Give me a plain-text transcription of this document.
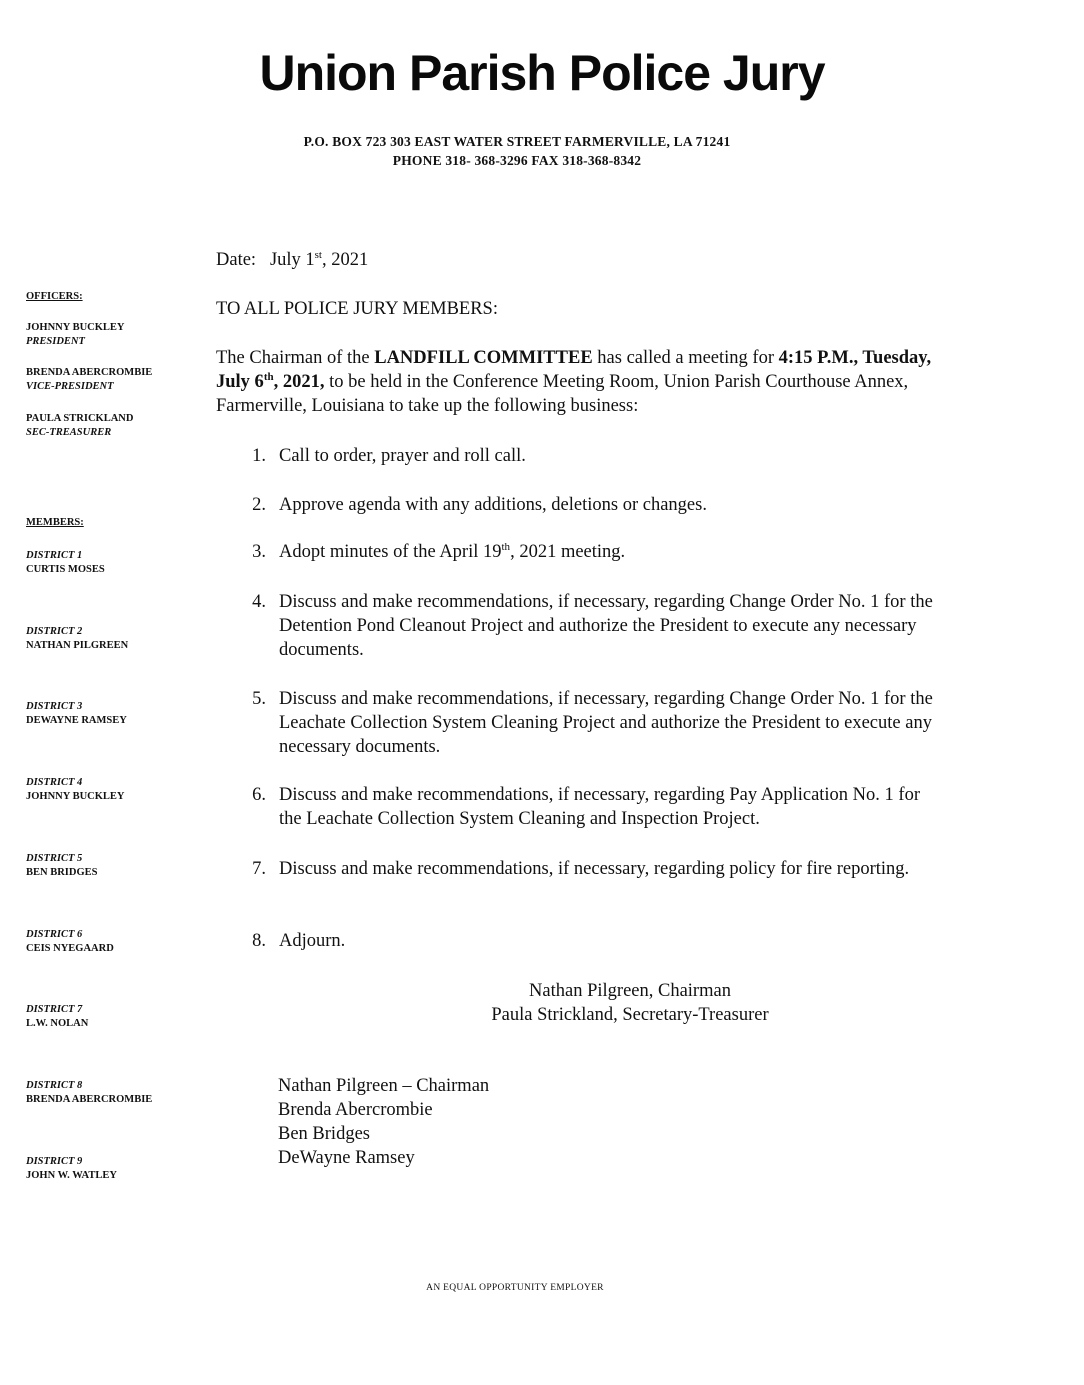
Union Parish Police Jury
P.O. BOX 723 303 EAST WATER STREET FARMERVILLE, LA 71241
PHONE 318- 368-3296 FAX 318-368-8342
OFFICERS:
JOHNNY BUCKLEY
PRESIDENT
BRENDA ABERCROMBIE
VICE-PRESIDENT
PAULA STRICKLAND
SEC-TREASURER
MEMBERS:
DISTRICT 1
CURTIS MOSES
DISTRICT 2
NATHAN PILGREEN
DISTRICT 3
DEWAYNE RAMSEY
DISTRICT 4
JOHNNY BUCKLEY
DISTRICT 5
BEN BRIDGES
DISTRICT 6
CEIS NYEGAARD
DISTRICT 7
L.W. NOLAN
DISTRICT 8
BRENDA ABERCROMBIE
DISTRICT 9
JOHN W. WATLEY
Date: July 1st, 2021
TO ALL POLICE JURY MEMBERS:
The Chairman of the LANDFILL COMMITTEE has called a meeting for 4:15 P.M., Tuesday, July 6th, 2021, to be held in the Conference Meeting Room, Union Parish Courthouse Annex, Farmerville, Louisiana to take up the following business:
1. Call to order, prayer and roll call.
2. Approve agenda with any additions, deletions or changes.
3. Adopt minutes of the April 19th, 2021 meeting.
4. Discuss and make recommendations, if necessary, regarding Change Order No. 1 for the Detention Pond Cleanout Project and authorize the President to execute any necessary documents.
5. Discuss and make recommendations, if necessary, regarding Change Order No. 1 for the Leachate Collection System Cleaning Project and authorize the President to execute any necessary documents.
6. Discuss and make recommendations, if necessary, regarding Pay Application No. 1 for the Leachate Collection System Cleaning and Inspection Project.
7. Discuss and make recommendations, if necessary, regarding policy for fire reporting.
8. Adjourn.
Nathan Pilgreen, Chairman
Paula Strickland, Secretary-Treasurer
Nathan Pilgreen – Chairman
Brenda Abercrombie
Ben Bridges
DeWayne Ramsey
AN EQUAL OPPORTUNITY EMPLOYER
